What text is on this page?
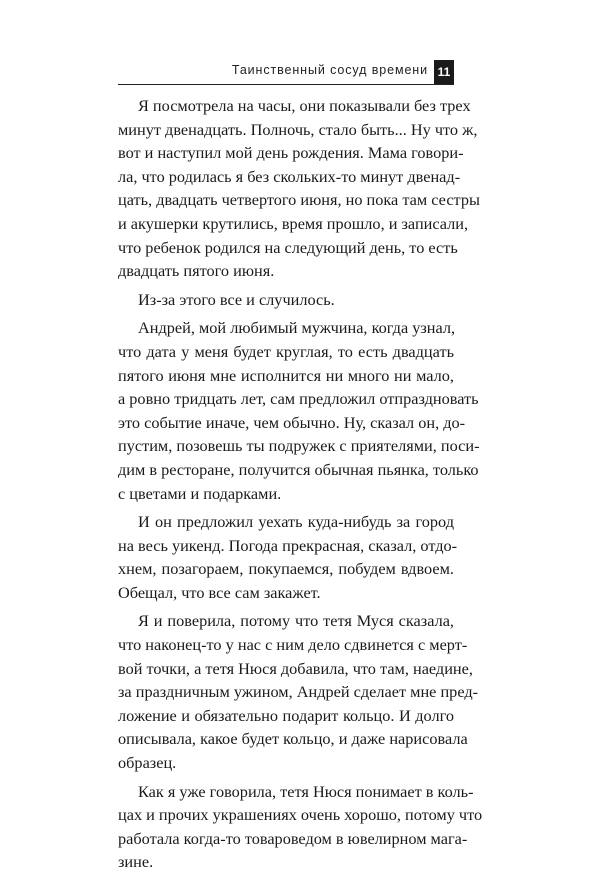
Таинственный сосуд времени 11
Я посмотрела на часы, они показывали без трех
минут двенадцать. Полночь, стало быть... Ну что ж,
вот и наступил мой день рождения. Мама говори-
ла, что родилась я без скольких-то минут двенад-
цать, двадцать четвертого июня, но пока там сестры
и акушерки крутились, время прошло, и записали,
что ребенок родился на следующий день, то есть
двадцать пятого июня.
Из-за этого все и случилось.
Андрей, мой любимый мужчина, когда узнал,
что дата у меня будет круглая, то есть двадцать
пятого июня мне исполнится ни много ни мало,
а ровно тридцать лет, сам предложил отпраздновать
это событие иначе, чем обычно. Ну, сказал он, до-
пустим, позовешь ты подружек с приятелями, поси-
дим в ресторане, получится обычная пьянка, только
с цветами и подарками.
И он предложил уехать куда-нибудь за город
на весь уикенд. Погода прекрасная, сказал, отдо-
хнем, позагораем, покупаемся, побудем вдвоем.
Обещал, что все сам закажет.
Я и поверила, потому что тетя Муся сказала,
что наконец-то у нас с ним дело сдвинется с мерт-
вой точки, а тетя Нюся добавила, что там, наедине,
за праздничным ужином, Андрей сделает мне пред-
ложение и обязательно подарит кольцо. И долго
описывала, какое будет кольцо, и даже нарисовала
образец.
Как я уже говорила, тетя Нюся понимает в коль-
цах и прочих украшениях очень хорошо, потому что
работала когда-то товароведом в ювелирном мага-
зине.
